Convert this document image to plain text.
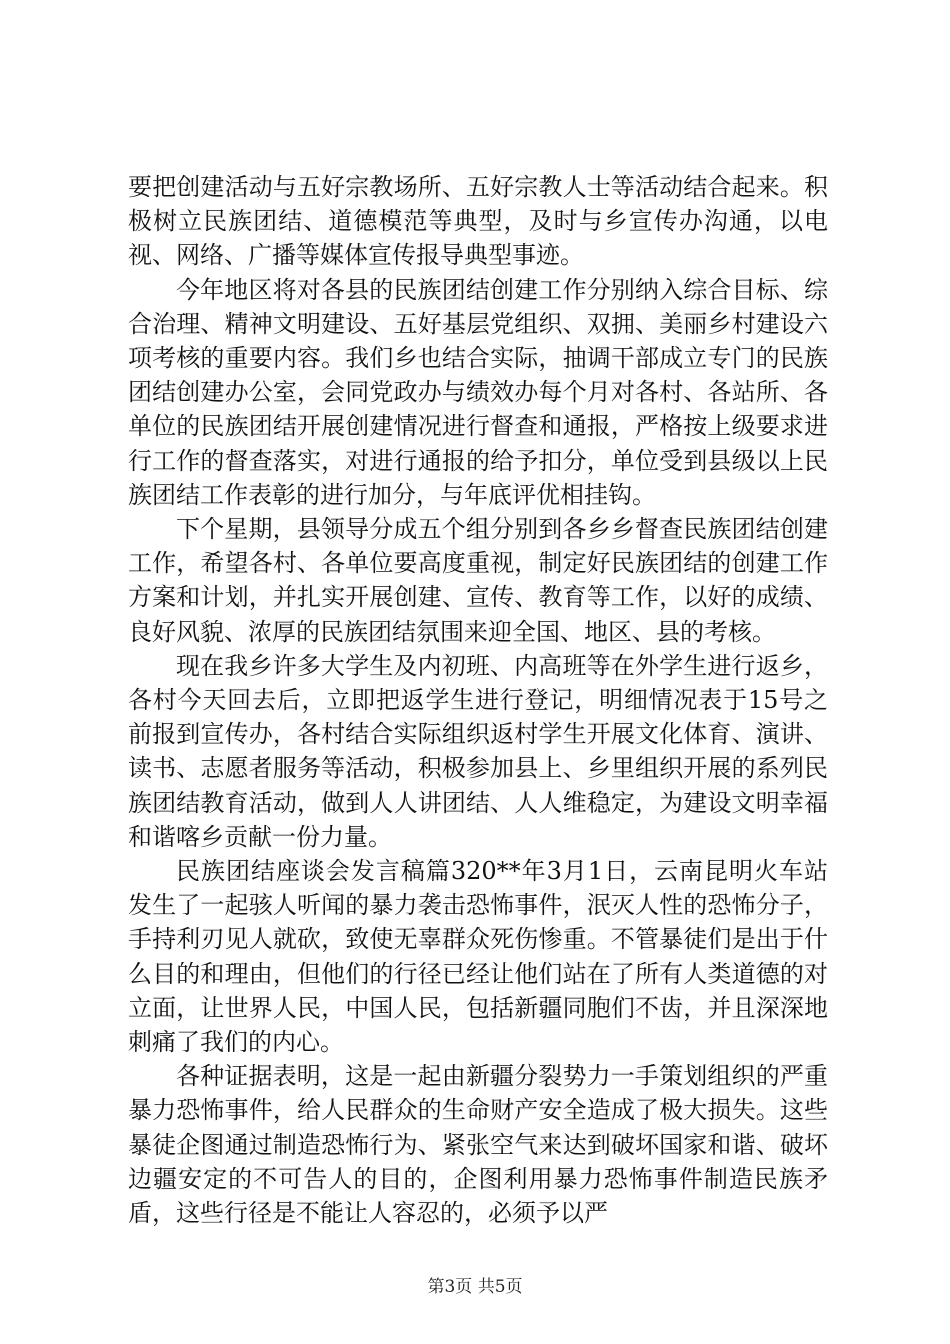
要把创建活动与五好宗教场所、五好宗教人士等活动结合起来。积极树立民族团结、道德模范等典型，及时与乡宣传办沟通，以电视、网络、广播等媒体宣传报导典型事迹。

今年地区将对各县的民族团结创建工作分别纳入综合目标、综合治理、精神文明建设、五好基层党组织、双拥、美丽乡村建设六项考核的重要内容。我们乡也结合实际，抽调干部成立专门的民族团结创建办公室，会同党政办与绩效办每个月对各村、各站所、各单位的民族团结开展创建情况进行督查和通报，严格按上级要求进行工作的督查落实，对进行通报的给予扣分，单位受到县级以上民族团结工作表彰的进行加分，与年底评优相挂钩。

下个星期，县领导分成五个组分别到各乡乡督查民族团结创建工作，希望各村、各单位要高度重视，制定好民族团结的创建工作方案和计划，并扎实开展创建、宣传、教育等工作，以好的成绩、良好风貌、浓厚的民族团结氛围来迎全国、地区、县的考核。

现在我乡许多大学生及内初班、内高班等在外学生进行返乡，各村今天回去后，立即把返学生进行登记，明细情况表于15号之前报到宣传办，各村结合实际组织返村学生开展文化体育、演讲、读书、志愿者服务等活动，积极参加县上、乡里组织开展的系列民族团结教育活动，做到人人讲团结、人人维稳定，为建设文明幸福和谐喀乡贡献一份力量。

民族团结座谈会发言稿篇320**年3月1日，云南昆明火车站发生了一起骇人听闻的暴力袭击恐怖事件，泯灭人性的恐怖分子，手持利刃见人就砍，致使无辜群众死伤惨重。不管暴徒们是出于什么目的和理由，但他们的行径已经让他们站在了所有人类道德的对立面，让世界人民，中国人民，包括新疆同胞们不齿，并且深深地刺痛了我们的内心。

各种证据表明，这是一起由新疆分裂势力一手策划组织的严重暴力恐怖事件，给人民群众的生命财产安全造成了极大损失。这些暴徒企图通过制造恐怖行为、紧张空气来达到破坏国家和谐、破坏边疆安定的不可告人的目的，企图利用暴力恐怖事件制造民族矛盾，这些行径是不能让人容忍的，必须予以严

第3页 共5页
